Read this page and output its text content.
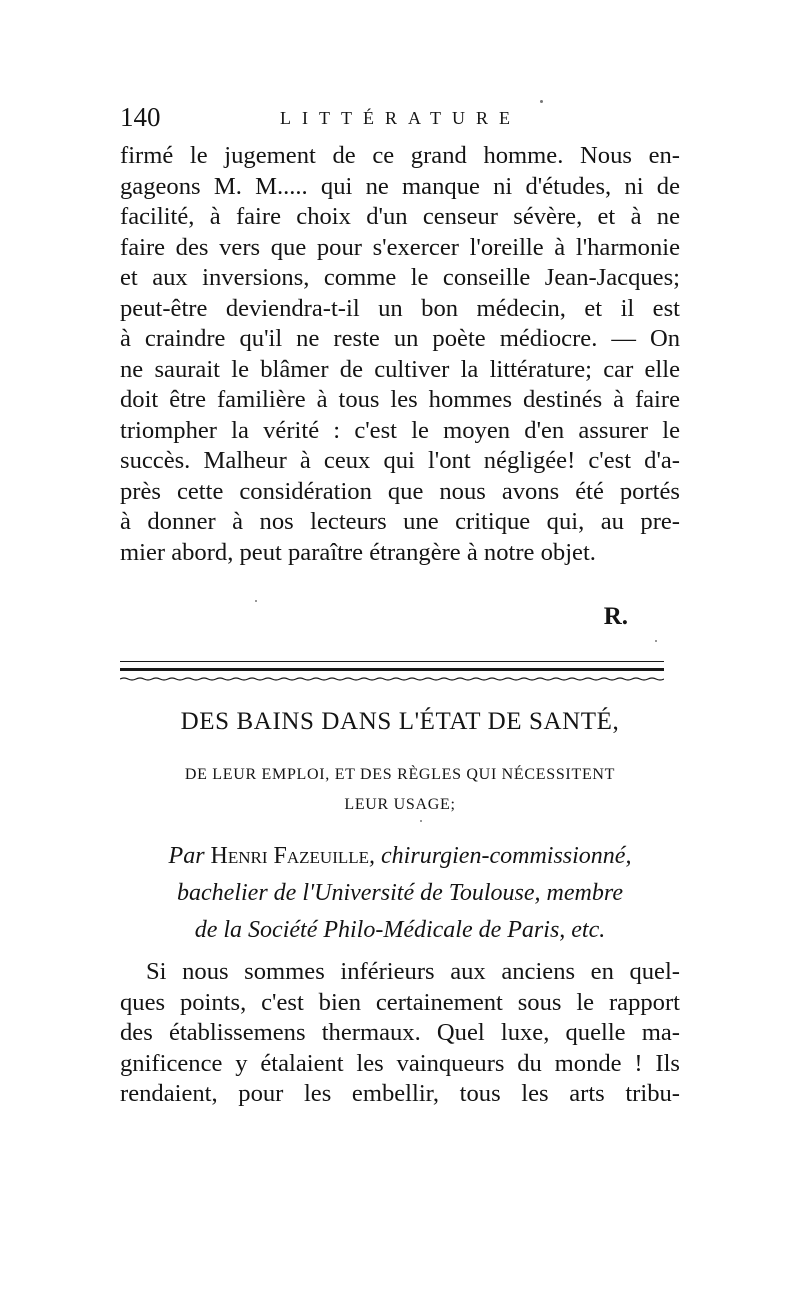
140	LITTÉRATURE
firmé le jugement de ce grand homme. Nous en-
gageons M. M..... qui ne manque ni d'études, ni de
facilité, à faire choix d'un censeur sévère, et à ne
faire des vers que pour s'exercer l'oreille à l'harmonie
et aux inversions, comme le conseille Jean-Jacques;
peut-être deviendra-t-il un bon médecin, et il est
à craindre qu'il ne reste un poète médiocre. — On
ne saurait le blâmer de cultiver la littérature; car elle
doit être familière à tous les hommes destinés à faire
triompher la vérité : c'est le moyen d'en assurer le
succès. Malheur à ceux qui l'ont négligée! c'est d'a-
près cette considération que nous avons été portés
à donner à nos lecteurs une critique qui, au pre-
mier abord, peut paraître étrangère à notre objet.
R.
DES BAINS DANS L'ÉTAT DE SANTÉ,
DE LEUR EMPLOI, ET DES RÈGLES QUI NÉCESSITENT
LEUR USAGE;
Par Henri Fazeuille, chirurgien-commissionné,
bachelier de l'Université de Toulouse, membre
de la Société Philo-Médicale de Paris, etc.
Si nous sommes inférieurs aux anciens en quel-
ques points, c'est bien certainement sous le rapport
des établissemens thermaux. Quel luxe, quelle ma-
gnificence y étalaient les vainqueurs du monde ! Ils
rendaient, pour les embellir, tous les arts tribu-
